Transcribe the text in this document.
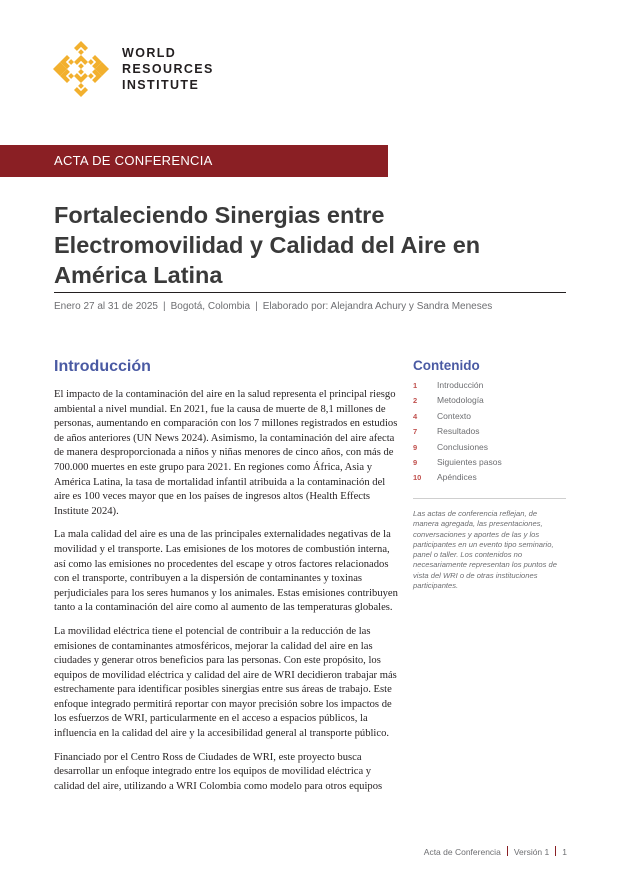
WORLD
RESOURCES
INSTITUTE
ACTA DE CONFERENCIA
Fortaleciendo Sinergias entre Electromovilidad y Calidad del Aire en América Latina
Enero 27 al 31 de 2025 | Bogotá, Colombia | Elaborado por: Alejandra Achury y Sandra Meneses
Introducción

El impacto de la contaminación del aire en la salud representa el principal riesgo ambiental a nivel mundial. En 2021, fue la causa de muerte de 8,1 millones de personas, aumentando en comparación con los 7 millones registrados en estudios de años anteriores (UN News 2024). Asimismo, la contaminación del aire afecta de manera desproporcionada a niños y niñas menores de cinco años, con más de 700.000 muertes en este grupo para 2021. En regiones como África, Asia y América Latina, la tasa de mortalidad infantil atribuida a la contaminación del aire es 100 veces mayor que en los países de ingresos altos (Health Effects Institute 2024).

La mala calidad del aire es una de las principales externalidades negativas de la movilidad y el transporte. Las emisiones de los motores de combustión interna, así como las emisiones no procedentes del escape y otros factores relacionados con el transporte, contribuyen a la dispersión de contaminantes y toxinas perjudiciales para los seres humanos y los animales. Estas emisiones contribuyen tanto a la contaminación del aire como al aumento de las temperaturas globales.

La movilidad eléctrica tiene el potencial de contribuir a la reducción de las emisiones de contaminantes atmosféricos, mejorar la calidad del aire en las ciudades y generar otros beneficios para las personas. Con este propósito, los equipos de movilidad eléctrica y calidad del aire de WRI decidieron trabajar más estrechamente para identificar posibles sinergias entre sus áreas de trabajo. Este enfoque integrado permitirá reportar con mayor precisión sobre los impactos de los esfuerzos de WRI, particularmente en el acceso a espacios públicos, la influencia en la calidad del aire y la accesibilidad general al transporte público.

Financiado por el Centro Ross de Ciudades de WRI, este proyecto busca desarrollar un enfoque integrado entre los equipos de movilidad eléctrica y calidad del aire, utilizando a WRI Colombia como modelo para otros equipos

Contenido
1	Introducción
2	Metodología
4	Contexto
7	Resultados
9	Conclusiones
9	Siguientes pasos
10	Apéndices
Las actas de conferencia reflejan, de manera agregada, las presentaciones, conversaciones y aportes de las y los participantes en un evento tipo seminario, panel o taller. Los contenidos no necesariamente representan los puntos de vista del WRI o de otras instituciones participantes.
Acta de Conferencia Versión 1 1
